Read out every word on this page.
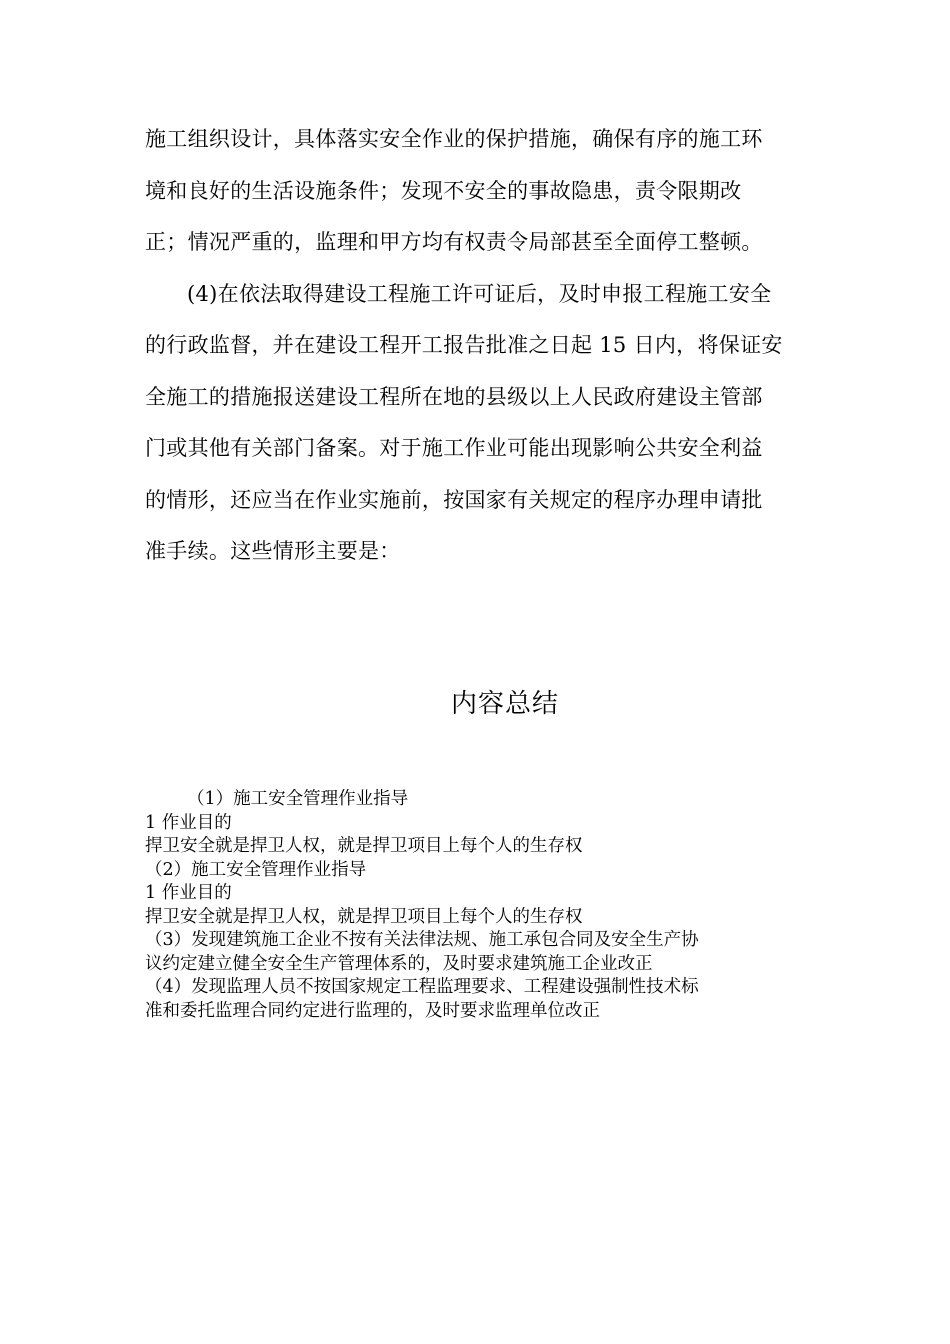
施工组织设计，具体落实安全作业的保护措施，确保有序的施工环
境和良好的生活设施条件；发现不安全的事故隐患，责令限期改
正；情况严重的，监理和甲方均有权责令局部甚至全面停工整顿。

(4)在依法取得建设工程施工许可证后，及时申报工程施工安全
的行政监督，并在建设工程开工报告批准之日起 15 日内，将保证安
全施工的措施报送建设工程所在地的县级以上人民政府建设主管部
门或其他有关部门备案。对于施工作业可能出现影响公共安全利益
的情形，还应当在作业实施前，按国家有关规定的程序办理申请批
准手续。这些情形主要是：

内容总结
（1）施工安全管理作业指导
1 作业目的
捍卫安全就是捍卫人权，就是捍卫项目上每个人的生存权
（2）施工安全管理作业指导
1 作业目的
捍卫安全就是捍卫人权，就是捍卫项目上每个人的生存权
（3）发现建筑施工企业不按有关法律法规、施工承包合同及安全生产协
议约定建立健全安全生产管理体系的，及时要求建筑施工企业改正
（4）发现监理人员不按国家规定工程监理要求、工程建设强制性技术标
准和委托监理合同约定进行监理的，及时要求监理单位改正
